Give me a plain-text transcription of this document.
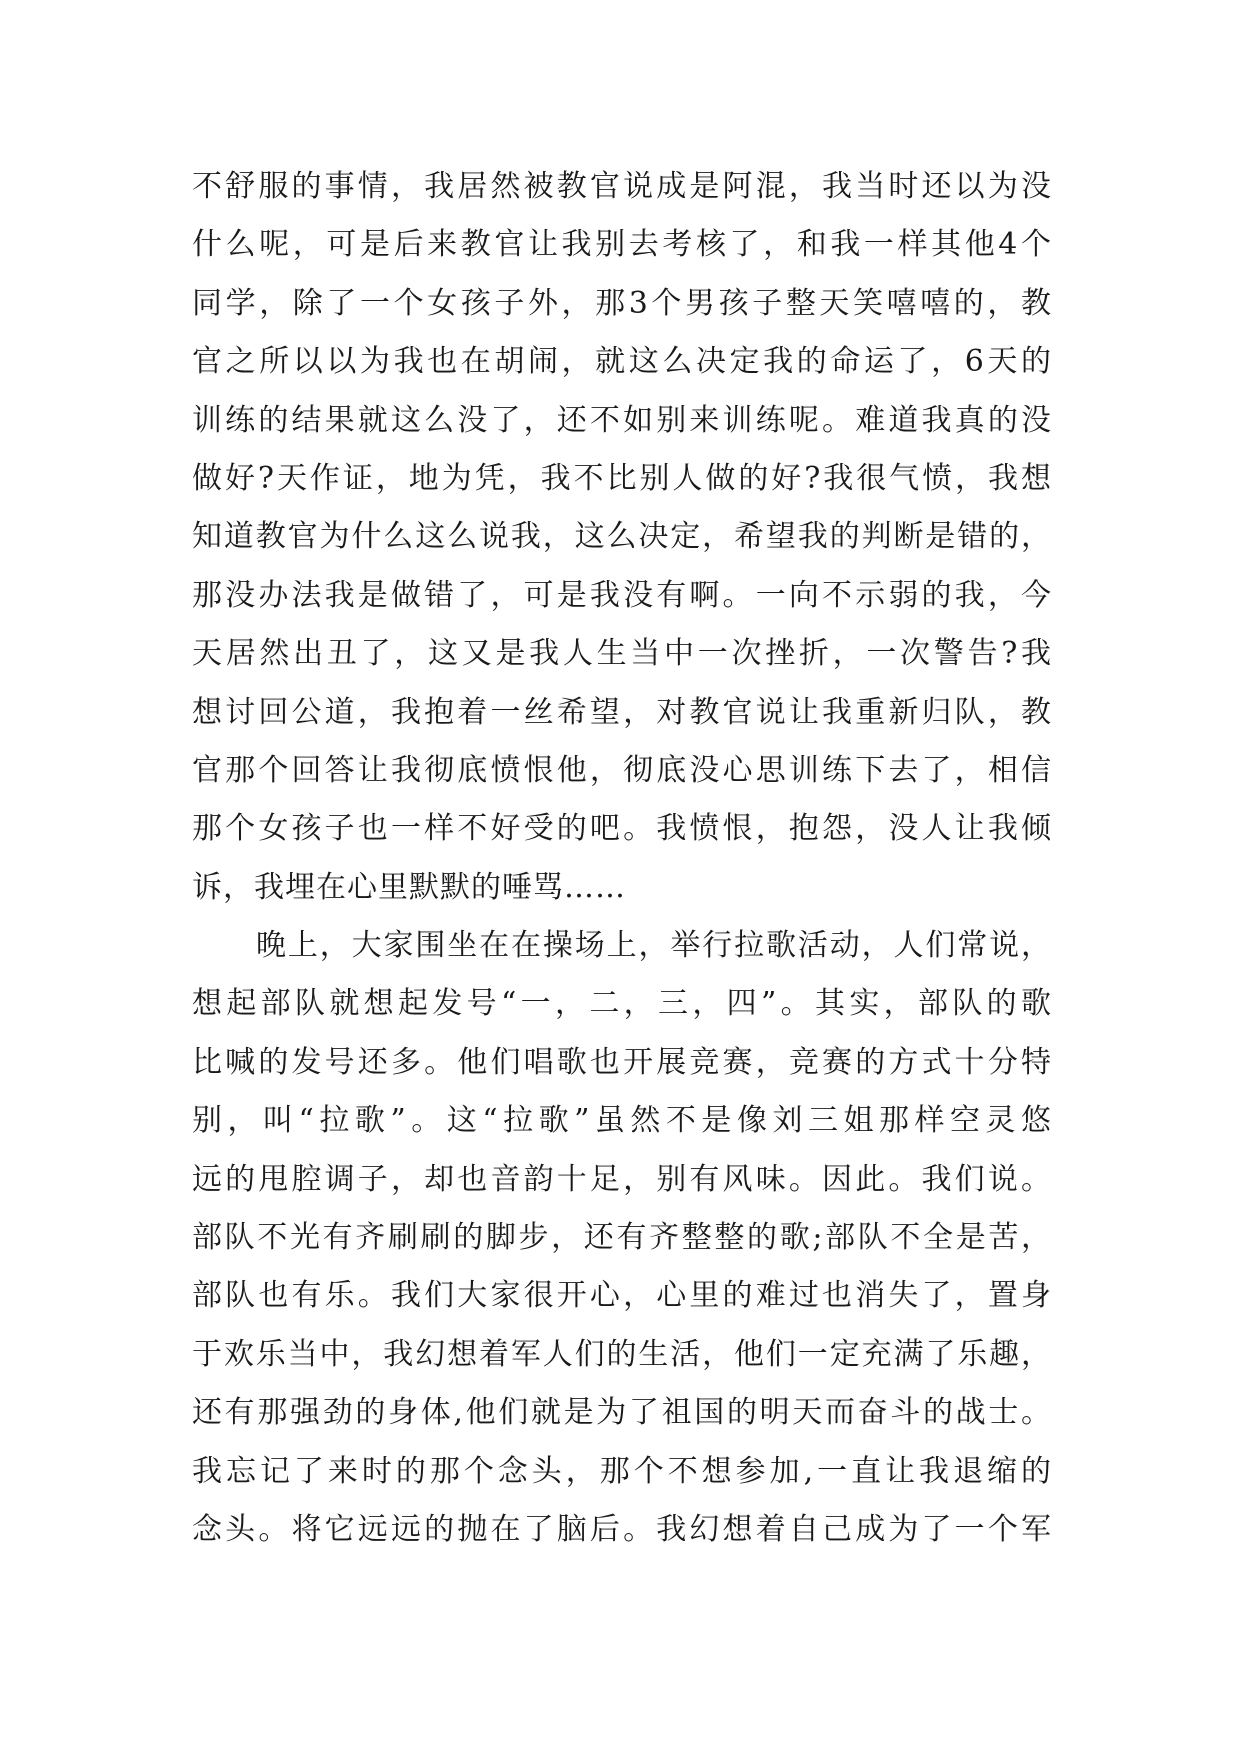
不舒服的事情，我居然被教官说成是阿混，我当时还以为没
什么呢，可是后来教官让我别去考核了，和我一样其他4个
同学，除了一个女孩子外，那3个男孩子整天笑嘻嘻的，教
官之所以以为我也在胡闹，就这么决定我的命运了，6天的
训练的结果就这么没了，还不如别来训练呢。难道我真的没
做好?天作证，地为凭，我不比别人做的好?我很气愤，我想
知道教官为什么这么说我，这么决定，希望我的判断是错的，
那没办法我是做错了，可是我没有啊。一向不示弱的我，今
天居然出丑了，这又是我人生当中一次挫折，一次警告?我
想讨回公道，我抱着一丝希望，对教官说让我重新归队，教
官那个回答让我彻底愤恨他，彻底没心思训练下去了，相信
那个女孩子也一样不好受的吧。我愤恨，抱怨，没人让我倾
诉，我埋在心里默默的唾骂……
晚上，大家围坐在在操场上，举行拉歌活动，人们常说，
想起部队就想起发号“一，二，三，四”。其实，部队的歌
比喊的发号还多。他们唱歌也开展竞赛，竞赛的方式十分特
别，叫“拉歌”。这“拉歌”虽然不是像刘三姐那样空灵悠
远的甩腔调子，却也音韵十足，别有风味。因此。我们说。
部队不光有齐刷刷的脚步，还有齐整整的歌;部队不全是苦，
部队也有乐。我们大家很开心，心里的难过也消失了，置身
于欢乐当中，我幻想着军人们的生活，他们一定充满了乐趣，
还有那强劲的身体,他们就是为了祖国的明天而奋斗的战士。
我忘记了来时的那个念头，那个不想参加,一直让我退缩的
念头。将它远远的抛在了脑后。我幻想着自己成为了一个军
